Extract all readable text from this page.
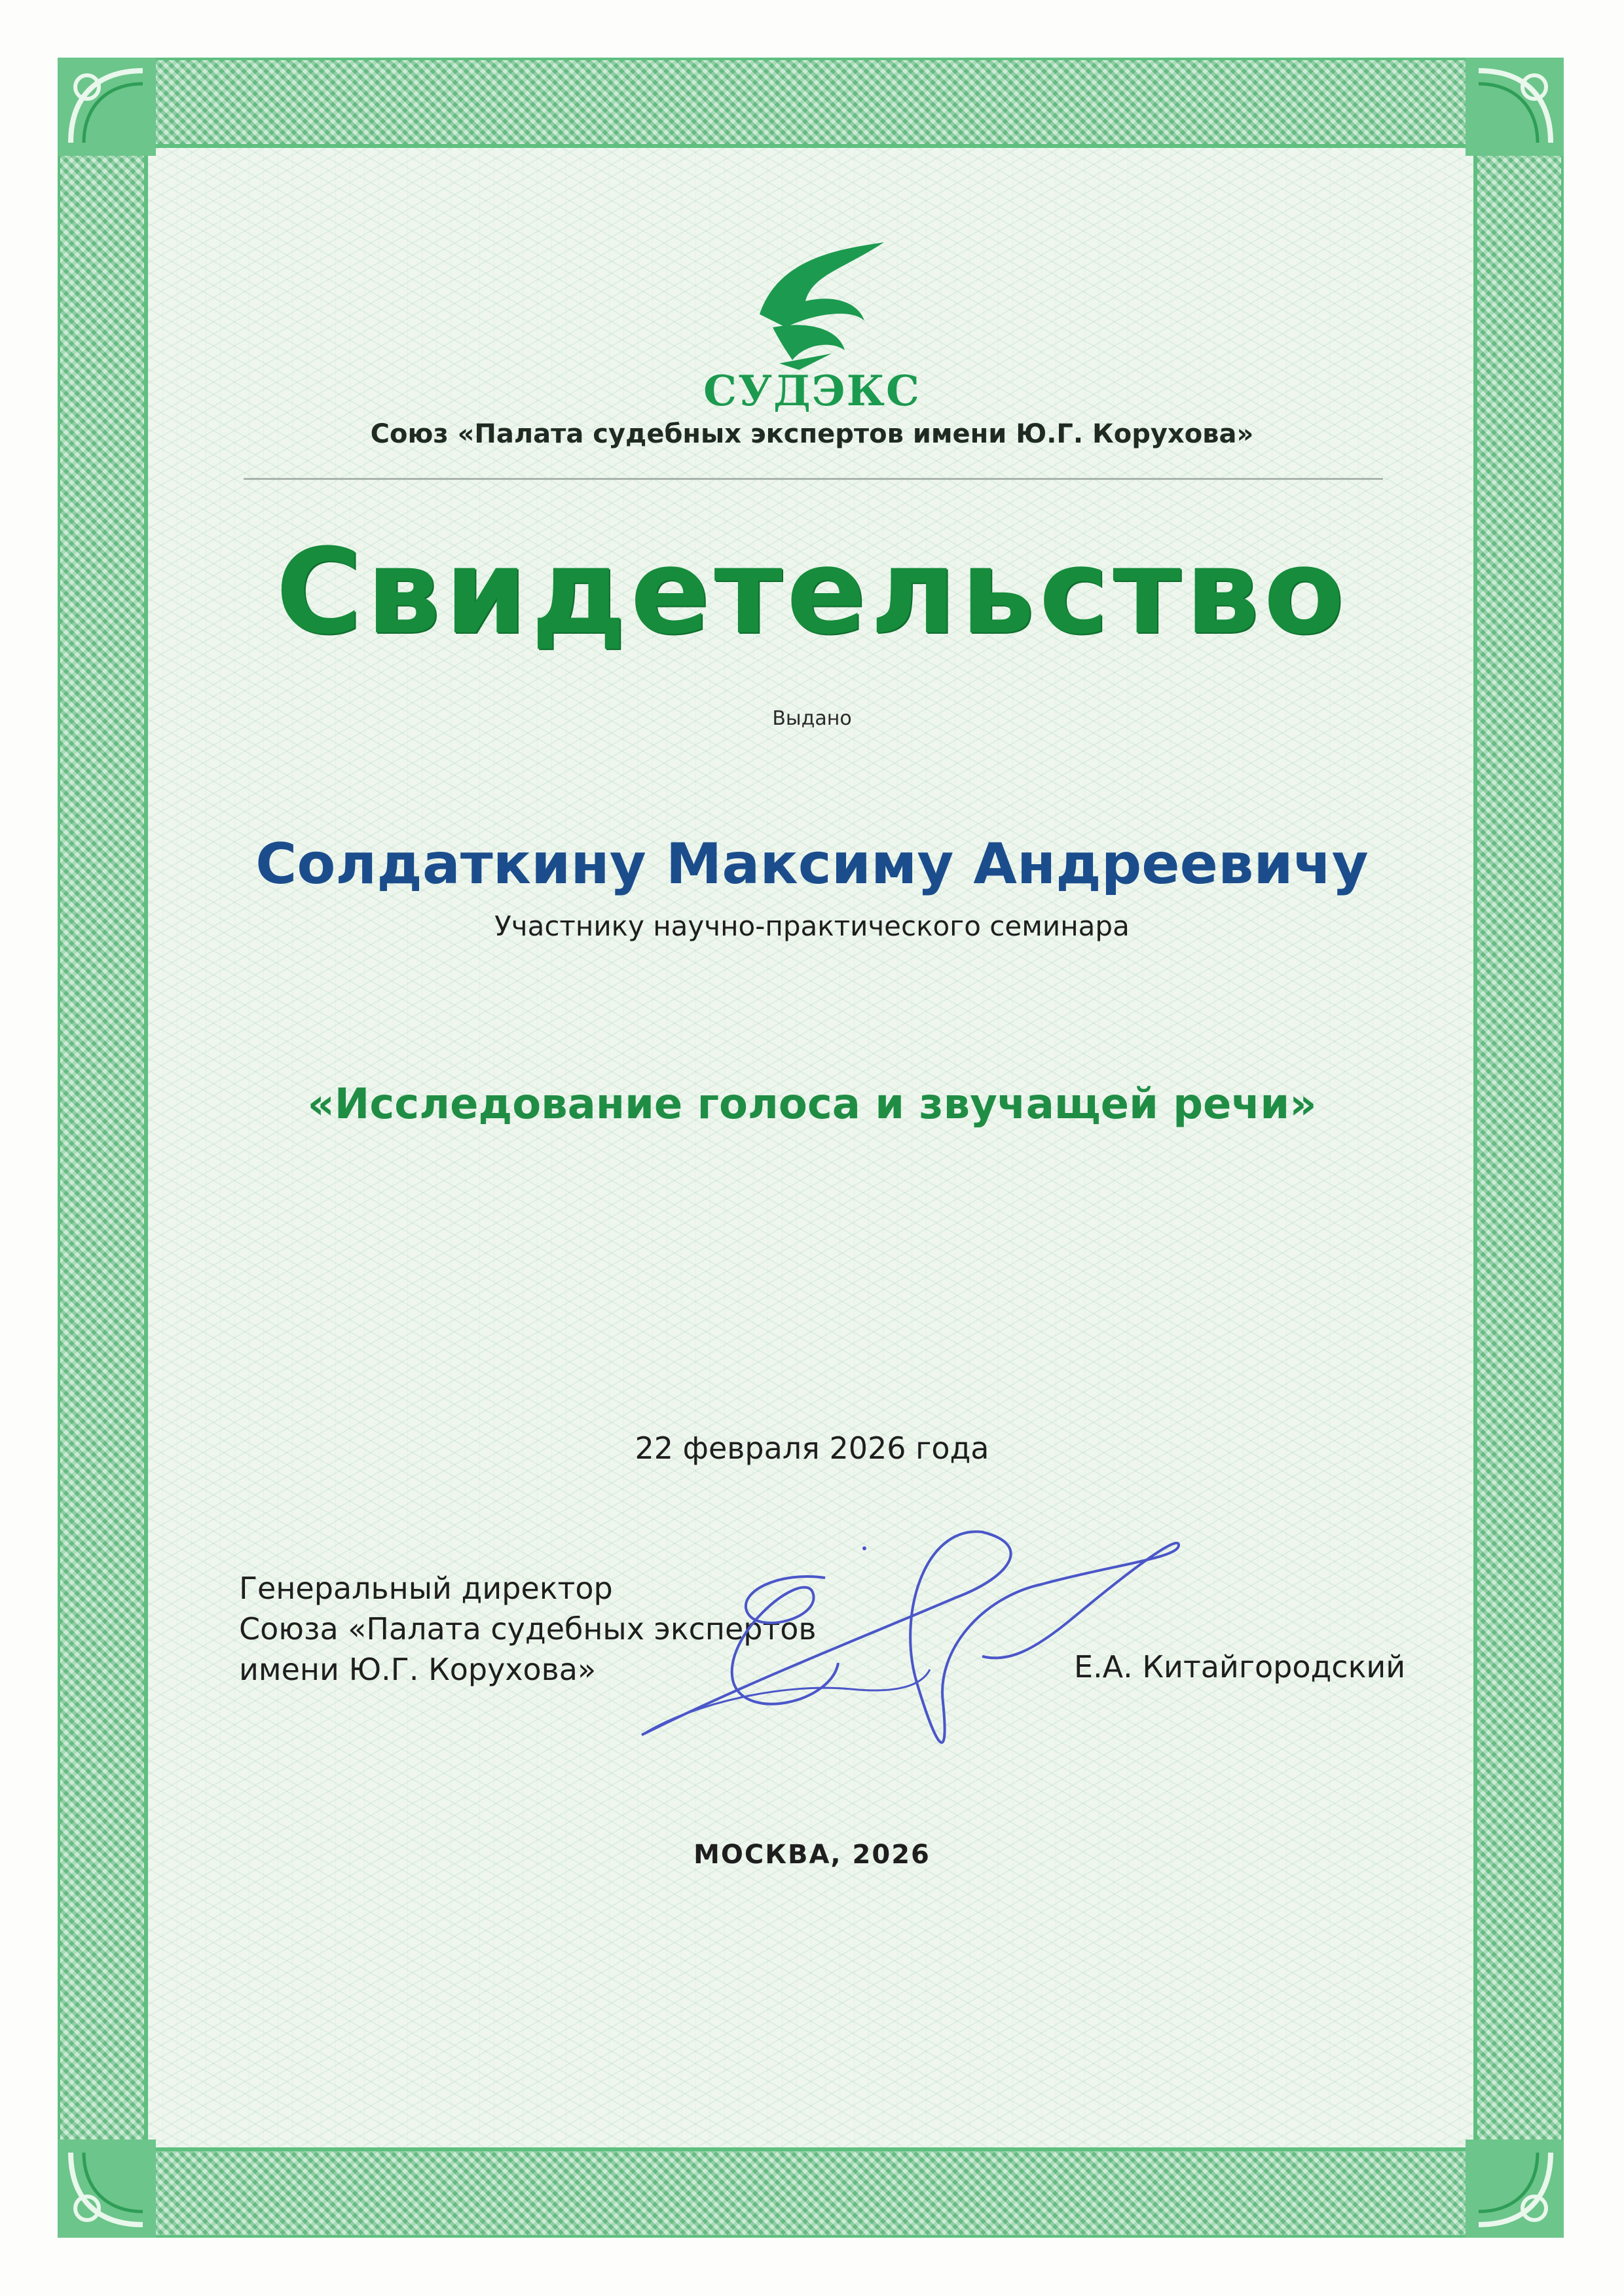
СУДЭКС
Союз «Палата судебных экспертов имени Ю.Г. Корухова»
Свидетельство
Выдано
Солдаткину Максиму Андреевичу
Участнику научно-практического семинара
«Исследование голоса и звучащей речи»
22 февраля 2026 года
Генеральный директор
Союза «Палата судебных экспертов
имени Ю.Г. Корухова»	Е.А. Китайгородский
МОСКВА, 2026
